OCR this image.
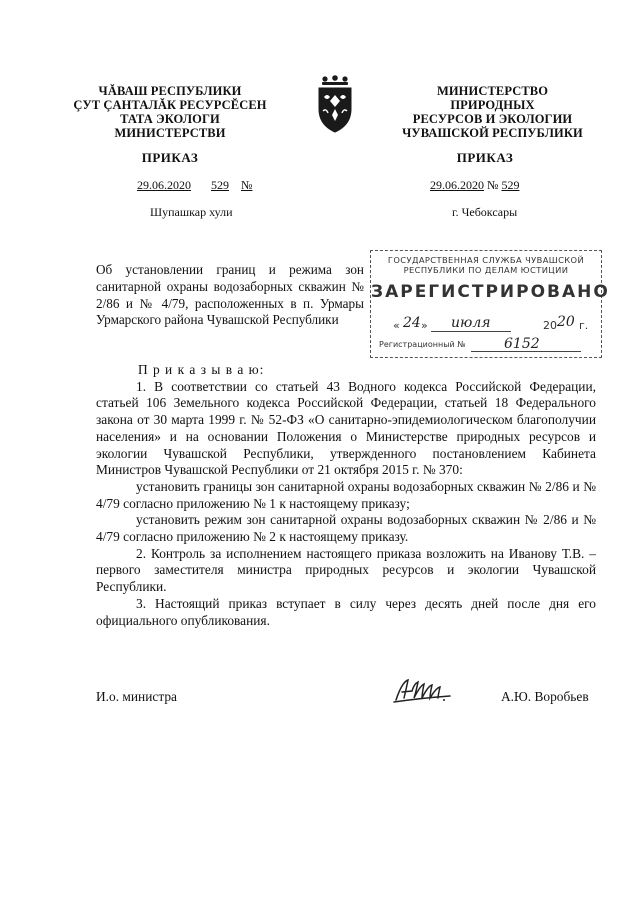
ЧĂВАШ РЕСПУБЛИКИ
ÇУТ ÇАНТАЛĂК РЕСУРСĔСЕН
ТАТА ЭКОЛОГИ
МИНИСТЕРСТВИ
МИНИСТЕРСТВО
ПРИРОДНЫХ
РЕСУРСОВ И ЭКОЛОГИИ
ЧУВАШСКОЙ РЕСПУБЛИКИ
ПРИКАЗ	ПРИКАЗ
29.06.2020 529 №	29.06.2020 № 529
Шупашкар хули	г. Чебоксары
Об установлении границ и режима зон санитарной охраны водозаборных скважин № 2/86 и № 4/79, расположенных в п. Урмары Урмарского района Чувашской Республики
ГОСУДАРСТВЕННАЯ СЛУЖБА ЧУВАШСКОЙ
РЕСПУБЛИКИ ПО ДЕЛАМ ЮСТИЦИИ
ЗАРЕГИСТРИРОВАНО
« 24 » июля	20 20 г.
Регистрационный №	6152

П р и к а з ы в а ю:

1. В соответствии со статьей 43 Водного кодекса Российской Федерации, статьей 106 Земельного кодекса Российской Федерации, статьей 18 Федерального закона от 30 марта 1999 г. № 52-ФЗ «О санитарно-эпидемиологическом благополучии населения» и на основании Положения о Министерстве природных ресурсов и экологии Чувашской Республики, утвержденного постановлением Кабинета Министров Чувашской Республики от 21 октября 2015 г. № 370:

установить границы зон санитарной охраны водозаборных скважин № 2/86 и № 4/79 согласно приложению № 1 к настоящему приказу;

установить режим зон санитарной охраны водозаборных скважин № 2/86 и № 4/79 согласно приложению № 2 к настоящему приказу.

2. Контроль за исполнением настоящего приказа возложить на Иванову Т.В. – первого заместителя министра природных ресурсов и экологии Чувашской Республики.

3. Настоящий приказ вступает в силу через десять дней после дня его официального опубликования.

И.о. министра	А.Ю. Воробьев
